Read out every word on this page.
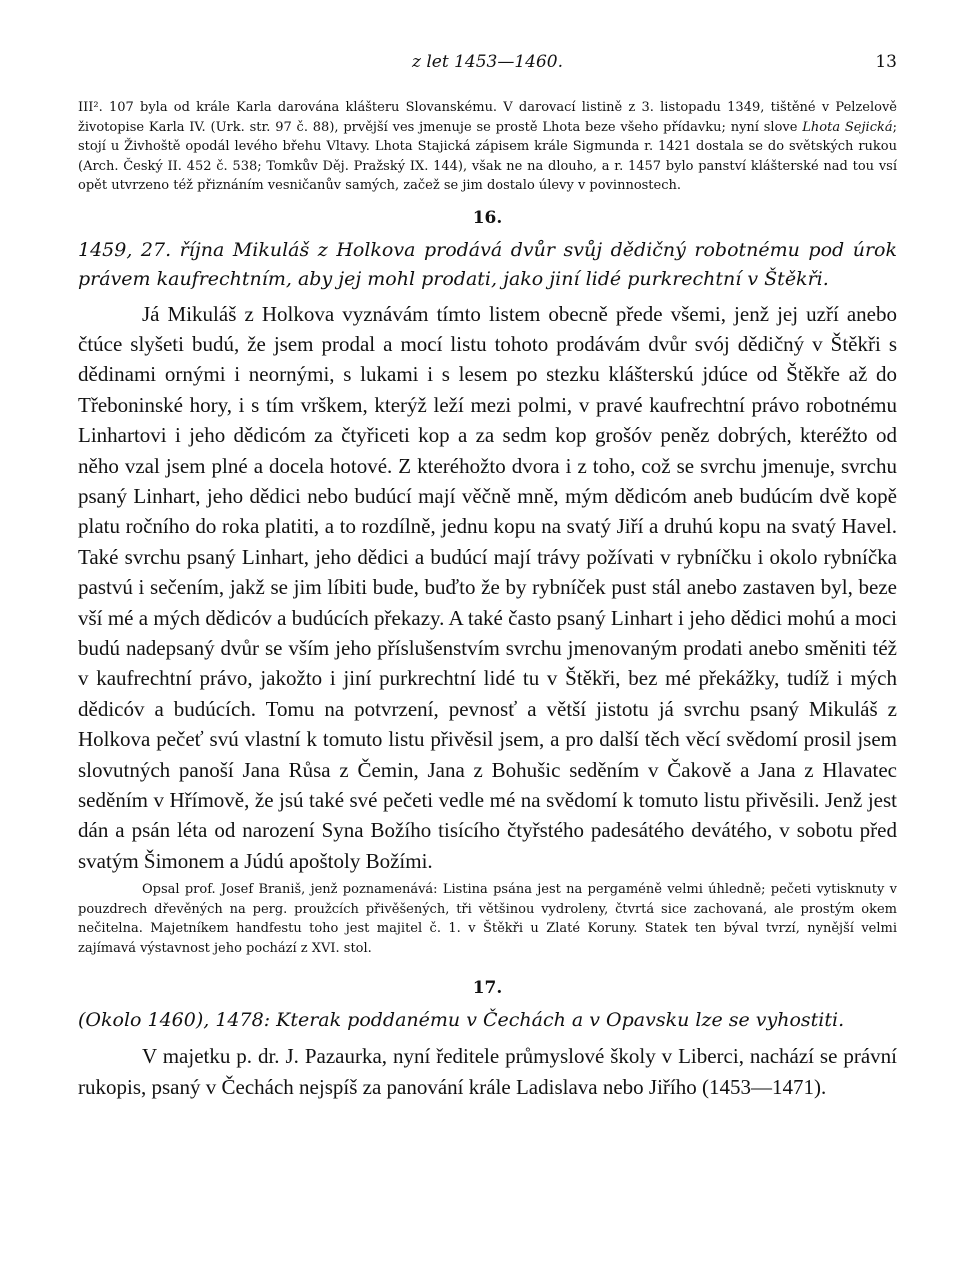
z let 1453—1460.	13
III². 107 byla od krále Karla darována klášteru Slovanskému. V darovací listině z 3. listopadu 1349, tištěné v Pelzelově životopise Karla IV. (Urk. str. 97 č. 88), prvější ves jmenuje se prostě Lhota beze všeho přídavku; nyní slove Lhota Sejická; stojí u Živhoště opodál levého břehu Vltavy. Lhota Stajická zápisem krále Sigmunda r. 1421 dostala se do světských rukou (Arch. Český II. 452 č. 538; Tomkův Děj. Pražský IX. 144), však ne na dlouho, a r. 1457 bylo panství klášterské nad tou vsí opět utvrzeno též přiznáním vesničanův samých, začež se jim dostalo úlevy v povinnostech.
16.
1459, 27. října Mikuláš z Holkova prodává dvůr svůj dědičný robotnému pod úrok právem kaufrechtním, aby jej mohl prodati, jako jiní lidé purkrechtní v Štěkři.

Já Mikuláš z Holkova vyznávám tímto listem obecně přede všemi, jenž jej uzří anebo čtúce slyšeti budú, že jsem prodal a mocí listu tohoto prodávám dvůr svój dědičný v Štěkři s dědinami ornými i neornými, s lukami i s lesem po stezku klášterskú jdúce od Štěkře až do Třeboninské hory, i s tím vrškem, kterýž leží mezi polmi, v pravé kaufrechtní právo robotnému Linhartovi i jeho dědicóm za čtyřiceti kop a za sedm kop grošóv peněz dobrých, kteréžto od něho vzal jsem plné a docela hotové. Z kteréhožto dvora i z toho, což se svrchu jmenuje, svrchu psaný Linhart, jeho dědici nebo budúcí mají věčně mně, mým dědicóm aneb budúcím dvě kopě platu ročního do roka platiti, a to rozdílně, jednu kopu na svatý Jiří a druhú kopu na svatý Havel. Také svrchu psaný Linhart, jeho dědici a budúcí mají trávy požívati v rybníčku i okolo rybníčka pastvú i sečením, jakž se jim líbiti bude, buďto že by rybníček pust stál anebo zastaven byl, beze vší mé a mých dědicóv a budúcích překazy. A také často psaný Linhart i jeho dědici mohú a moci budú nadepsaný dvůr se vším jeho příslušenstvím svrchu jmenovaným prodati anebo směniti též v kaufrechtní právo, jakožto i jiní purkrechtní lidé tu v Štěkři, bez mé překážky, tudíž i mých dědicóv a budúcích. Tomu na potvrzení, pevnosť a větší jistotu já svrchu psaný Mikuláš z Holkova pečeť svú vlastní k tomuto listu přivěsil jsem, a pro další těch věcí svědomí prosil jsem slovutných panoší Jana Růsa z Čemin, Jana z Bohušic seděním v Čakově a Jana z Hlavatec seděním v Hřímově, že jsú také své pečeti vedle mé na svědomí k tomuto listu přivěsili. Jenž jest dán a psán léta od narození Syna Božího tisícího čtyřstého padesátého devátého, v sobotu před svatým Šimonem a Júdú apoštoly Božími.

Opsal prof. Josef Braniš, jenž poznamenává: Listina psána jest na pergaméně velmi úhledně; pečeti vytisknuty v pouzdrech dřevěných na perg. proužcích přivěšených, tři většinou vydroleny, čtvrtá sice zachovaná, ale prostým okem nečitelna. Majetníkem handfestu toho jest majitel č. 1. v Štěkři u Zlaté Koruny. Statek ten býval tvrzí, nynější velmi zajímavá výstavnost jeho pochází z XVI. stol.
17.
(Okolo 1460), 1478: Kterak poddanému v Čechách a v Opavsku lze se vyhostiti.

V majetku p. dr. J. Pazaurka, nyní ředitele průmyslové školy v Liberci, nachází se právní rukopis, psaný v Čechách nejspíš za panování krále Ladislava nebo Jiřího (1453—1471).
